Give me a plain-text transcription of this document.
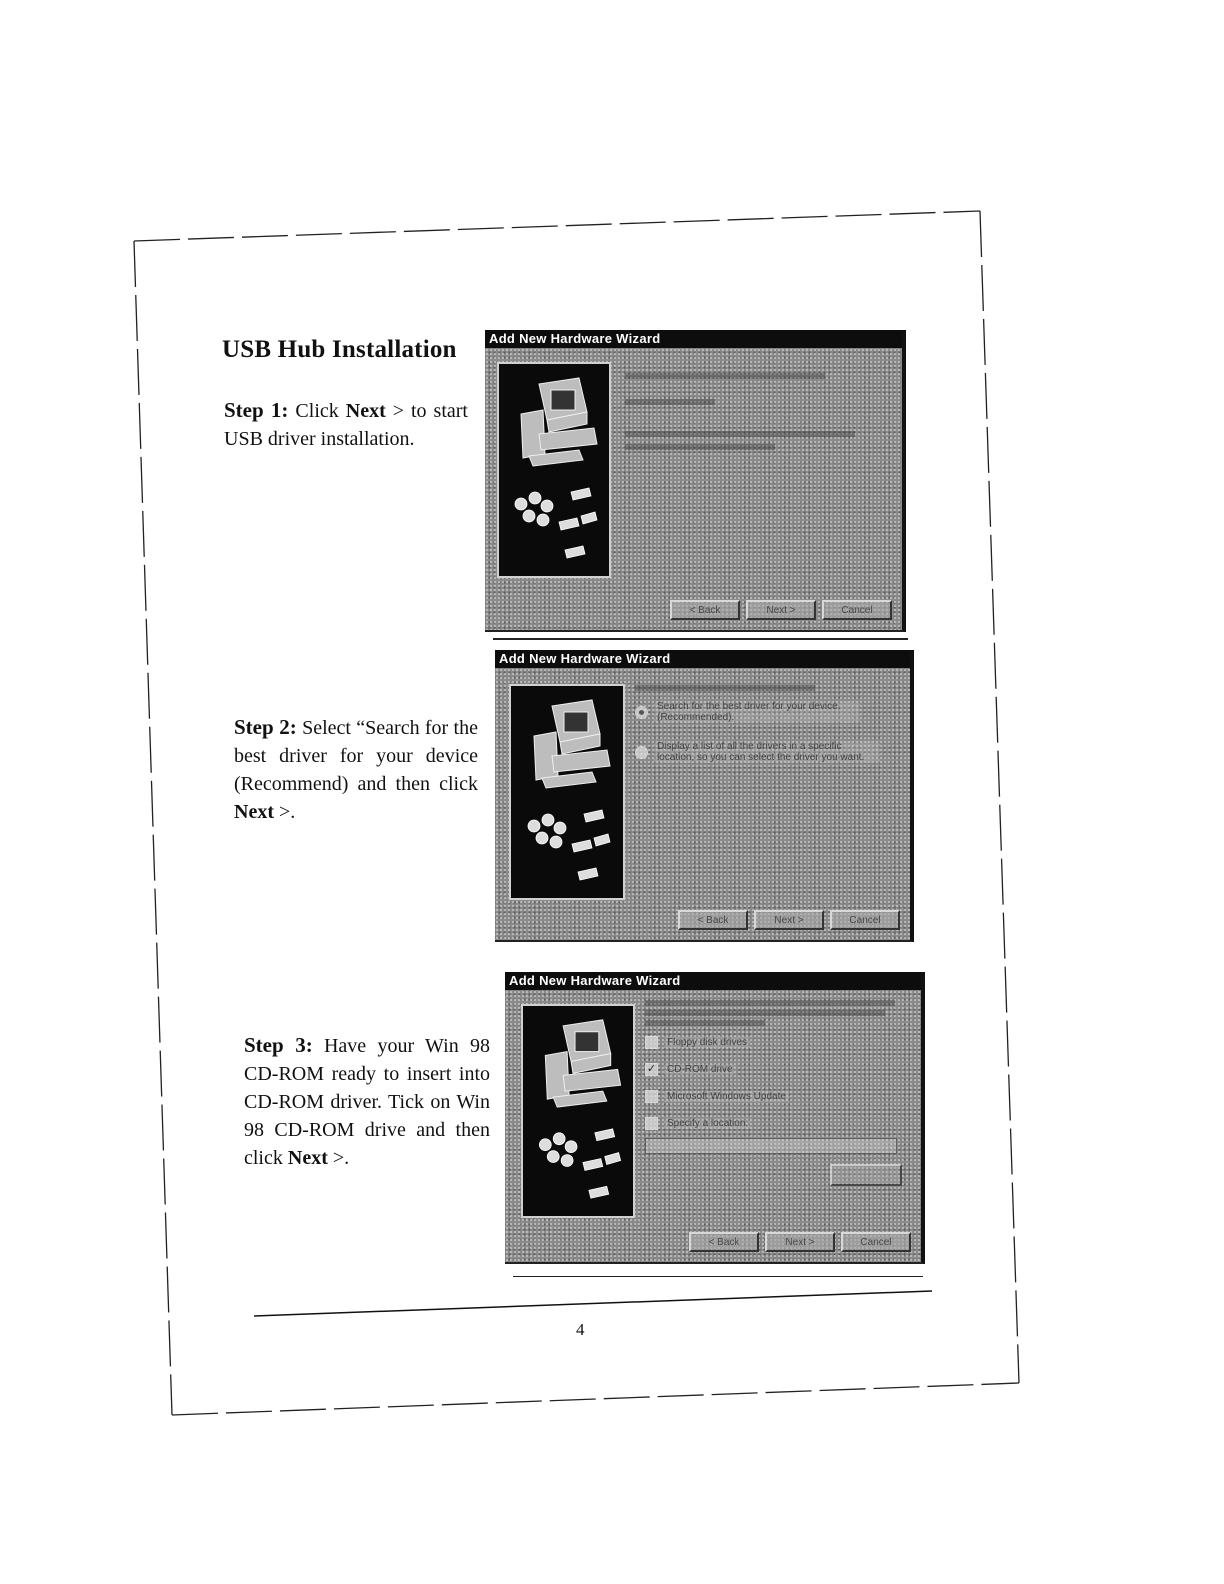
USB Hub Installation
Step 1: Click Next > to start USB driver installation.
Step 2: Select “Search for the best driver for your device (Recommend) and then click Next >.
Step 3: Have your Win 98 CD-ROM ready to insert into CD-ROM driver. Tick on Win 98 CD-ROM drive and then click Next >.
Add New Hardware Wizard
< Back	Next >	Cancel
Add New Hardware Wizard
Search for the best driver for your device. (Recommended).
Display a list of all the drivers in a specific location, so you can select the driver you want.
< Back	Next >	Cancel
Add New Hardware Wizard
Floppy disk drives
✓	CD-ROM drive
Microsoft Windows Update
Specify a location:
< Back	Next >	Cancel
4
